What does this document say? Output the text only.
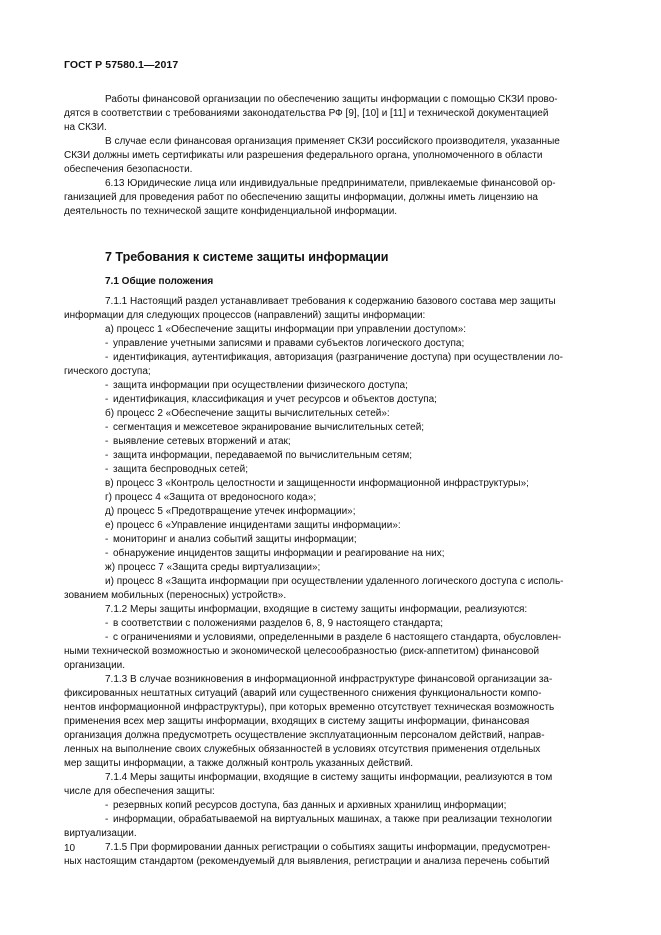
ГОСТ Р 57580.1—2017

Работы финансовой организации по обеспечению защиты информации с помощью СКЗИ прово-

дятся в соответствии с требованиями законодательства РФ [9], [10] и [11] и технической документацией

на СКЗИ.

В случае если финансовая организация применяет СКЗИ российского производителя, указанные

СКЗИ должны иметь сертификаты или разрешения федерального органа, уполномоченного в области

обеспечения безопасности.

6.13 Юридические лица или индивидуальные предприниматели, привлекаемые финансовой ор-

ганизацией для проведения работ по обеспечению защиты информации, должны иметь лицензию на

деятельность по технической защите конфиденциальной информации.

7 Требования к системе защиты информации
7.1 Общие положения

7.1.1 Настоящий раздел устанавливает требования к содержанию базового состава мер защиты

информации для следующих процессов (направлений) защиты информации:

а) процесс 1 «Обеспечение защиты информации при управлении доступом»:

- управление учетными записями и правами субъектов логического доступа;

- идентификация, аутентификация, авторизация (разграничение доступа) при осуществлении ло-

гического доступа;

- защита информации при осуществлении физического доступа;

- идентификация, классификация и учет ресурсов и объектов доступа;

б) процесс 2 «Обеспечение защиты вычислительных сетей»:

- сегментация и межсетевое экранирование вычислительных сетей;

- выявление сетевых вторжений и атак;

- защита информации, передаваемой по вычислительным сетям;

- защита беспроводных сетей;

в) процесс 3 «Контроль целостности и защищенности информационной инфраструктуры»;

г) процесс 4 «Защита от вредоносного кода»;

д) процесс 5 «Предотвращение утечек информации»;

е) процесс 6 «Управление инцидентами защиты информации»:

- мониторинг и анализ событий защиты информации;

- обнаружение инцидентов защиты информации и реагирование на них;

ж) процесс 7 «Защита среды виртуализации»;

и) процесс 8 «Защита информации при осуществлении удаленного логического доступа с исполь-

зованием мобильных (переносных) устройств».

7.1.2 Меры защиты информации, входящие в систему защиты информации, реализуются:

- в соответствии с положениями разделов 6, 8, 9 настоящего стандарта;

- с ограничениями и условиями, определенными в разделе 6 настоящего стандарта, обусловлен-

ными технической возможностью и экономической целесообразностью (риск-аппетитом) финансовой

организации.

7.1.3 В случае возникновения в информационной инфраструктуре финансовой организации за-

фиксированных нештатных ситуаций (аварий или существенного снижения функциональности компо-

нентов информационной инфраструктуры), при которых временно отсутствует техническая возможность

применения всех мер защиты информации, входящих в систему защиты информации, финансовая

организация должна предусмотреть осуществление эксплуатационным персоналом действий, направ-

ленных на выполнение своих служебных обязанностей в условиях отсутствия применения отдельных

мер защиты информации, а также должный контроль указанных действий.

7.1.4 Меры защиты информации, входящие в систему защиты информации, реализуются в том

числе для обеспечения защиты:

- резервных копий ресурсов доступа, баз данных и архивных хранилищ информации;

- информации, обрабатываемой на виртуальных машинах, а также при реализации технологии

виртуализации.

7.1.5 При формировании данных регистрации о событиях защиты информации, предусмотрен-

ных настоящим стандартом (рекомендуемый для выявления, регистрации и анализа перечень событий

10
